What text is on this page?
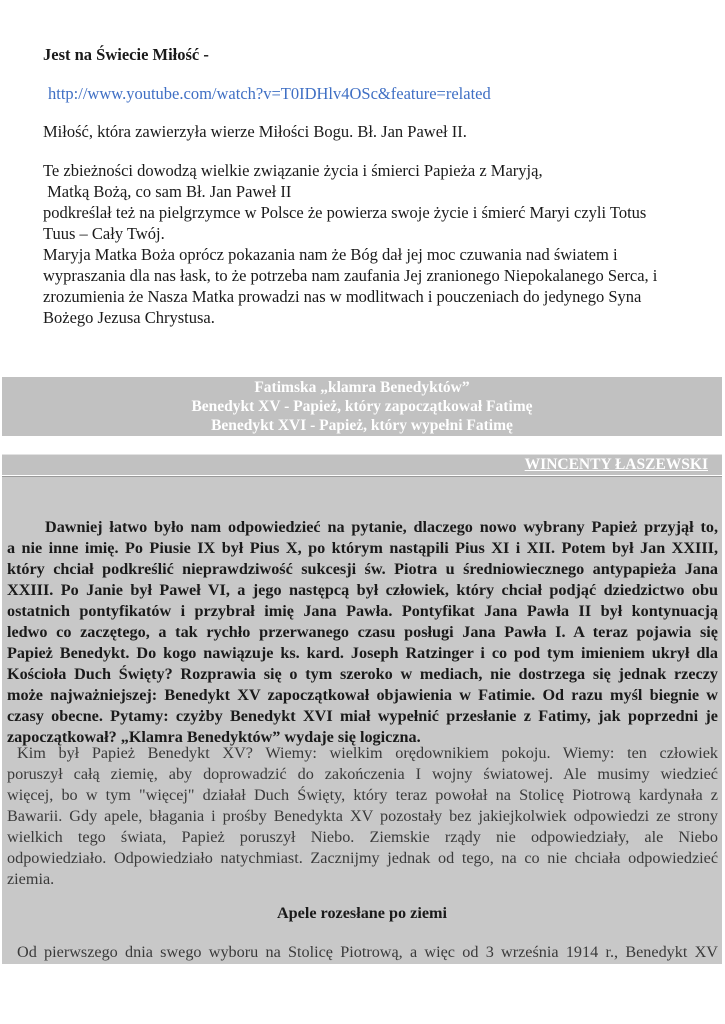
Jest na Świecie Miłość -
http://www.youtube.com/watch?v=T0IDHlv4OSc&feature=related
Miłość, która zawierzyła wierze Miłości Bogu. Bł. Jan Paweł II.
Te zbieżności dowodzą wielkie związanie życia i śmierci Papieża z Maryją,
Matką Bożą, co sam Bł. Jan Paweł II
podkreślał też na pielgrzymce w Polsce że powierza swoje życie i śmierć Maryi czyli Totus
Tuus – Cały Twój.
Maryja Matka Boża oprócz pokazania nam że Bóg dał jej moc czuwania nad światem i
wypraszania dla nas łask, to że potrzeba nam zaufania Jej zranionego Niepokalanego Serca, i
zrozumienia że Nasza Matka prowadzi nas w modlitwach i pouczeniach do jedynego Syna
Bożego Jezusa Chrystusa.
Fatimska „klamra Benedyktów”
Benedykt XV - Papież, który zapoczątkował Fatimę
Benedykt XVI - Papież, który wypełni Fatimę
WINCENTY ŁASZEWSKI
Dawniej łatwo było nam odpowiedzieć na pytanie, dlaczego nowo wybrany Papież przyjął to,
a nie inne imię. Po Piusie IX był Pius X, po którym nastąpili Pius XI i XII. Potem był Jan XXIII,
który chciał podkreślić nieprawdziwość sukcesji św. Piotra u średniowiecznego antypapieża Jana
XXIII. Po Janie był Paweł VI, a jego następcą był człowiek, który chciał podjąć dziedzictwo obu
ostatnich pontyfikatów i przybrał imię Jana Pawła. Pontyfikat Jana Pawła II był kontynuacją
ledwo co zaczętego, a tak rychło przerwanego czasu posługi Jana Pawła I. A teraz pojawia się
Papież Benedykt. Do kogo nawiązuje ks. kard. Joseph Ratzinger i co pod tym imieniem ukrył dla
Kościoła Duch Święty? Rozprawia się o tym szeroko w mediach, nie dostrzega się jednak rzeczy
może najważniejszej: Benedykt XV zapoczątkował objawienia w Fatimie. Od razu myśl biegnie w
czasy obecne. Pytamy: czyżby Benedykt XVI miał wypełnić przesłanie z Fatimy, jak poprzedni je
zapoczątkował? „Klamra Benedyktów” wydaje się logiczna.
Kim był Papież Benedykt XV? Wiemy: wielkim orędownikiem pokoju. Wiemy: ten człowiek
poruszył całą ziemię, aby doprowadzić do zakończenia I wojny światowej. Ale musimy wiedzieć
więcej, bo w tym "więcej" działał Duch Święty, który teraz powołał na Stolicę Piotrową kardynała z
Bawarii. Gdy apele, błagania i prośby Benedykta XV pozostały bez jakiejkolwiek odpowiedzi ze strony
wielkich tego świata, Papież poruszył Niebo. Ziemskie rządy nie odpowiedziały, ale Niebo
odpowiedziało. Odpowiedziało natychmiast. Zacznijmy jednak od tego, na co nie chciała odpowiedzieć
ziemia.
Apele rozesłane po ziemi
Od pierwszego dnia swego wyboru na Stolicę Piotrową, a więc od 3 września 1914 r., Benedykt XV
